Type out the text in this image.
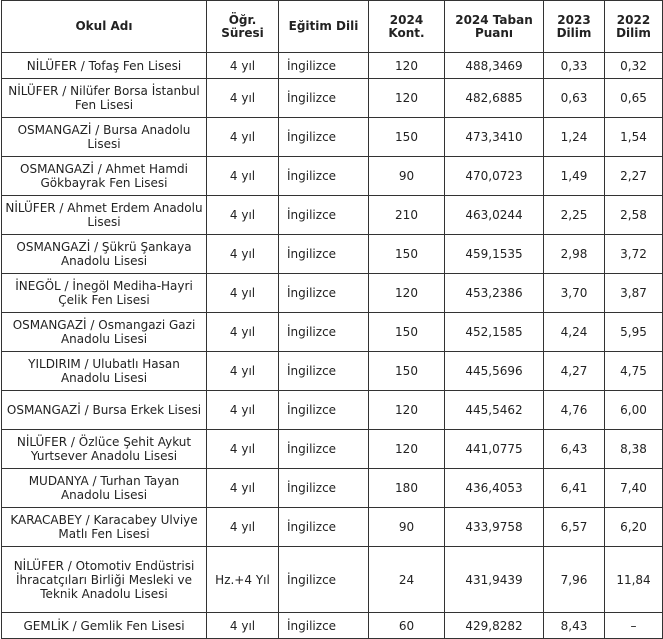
Okul Adı	Öğr. Süresi	Eğitim Dili	2024 Kont.	2024 Taban Puanı	2023 Dilim	2022 Dilim
NİLÜFER / Tofaş Fen Lisesi	4 yıl	İngilizce	120	488,3469	0,33	0,32
NİLÜFER / Nilüfer Borsa İstanbul Fen Lisesi	4 yıl	İngilizce	120	482,6885	0,63	0,65
OSMANGAZİ / Bursa Anadolu Lisesi	4 yıl	İngilizce	150	473,3410	1,24	1,54
OSMANGAZİ / Ahmet Hamdi Gökbayrak Fen Lisesi	4 yıl	İngilizce	90	470,0723	1,49	2,27
NİLÜFER / Ahmet Erdem Anadolu Lisesi	4 yıl	İngilizce	210	463,0244	2,25	2,58
OSMANGAZİ / Şükrü Şankaya Anadolu Lisesi	4 yıl	İngilizce	150	459,1535	2,98	3,72
İNEGÖL / İnegöl Mediha-Hayri Çelik Fen Lisesi	4 yıl	İngilizce	120	453,2386	3,70	3,87
OSMANGAZİ / Osmangazi Gazi Anadolu Lisesi	4 yıl	İngilizce	150	452,1585	4,24	5,95
YILDIRIM / Ulubatlı Hasan Anadolu Lisesi	4 yıl	İngilizce	150	445,5696	4,27	4,75
OSMANGAZİ / Bursa Erkek Lisesi	4 yıl	İngilizce	120	445,5462	4,76	6,00
NİLÜFER / Özlüce Şehit Aykut Yurtsever Anadolu Lisesi	4 yıl	İngilizce	120	441,0775	6,43	8,38
MUDANYA / Turhan Tayan Anadolu Lisesi	4 yıl	İngilizce	180	436,4053	6,41	7,40
KARACABEY / Karacabey Ulviye Matlı Fen Lisesi	4 yıl	İngilizce	90	433,9758	6,57	6,20
NİLÜFER / Otomotiv Endüstrisi İhracatçıları Birliği Mesleki ve Teknik Anadolu Lisesi	Hz.+4 Yıl	İngilizce	24	431,9439	7,96	11,84
GEMLİK / Gemlik Fen Lisesi	4 yıl	İngilizce	60	429,8282	8,43	–
